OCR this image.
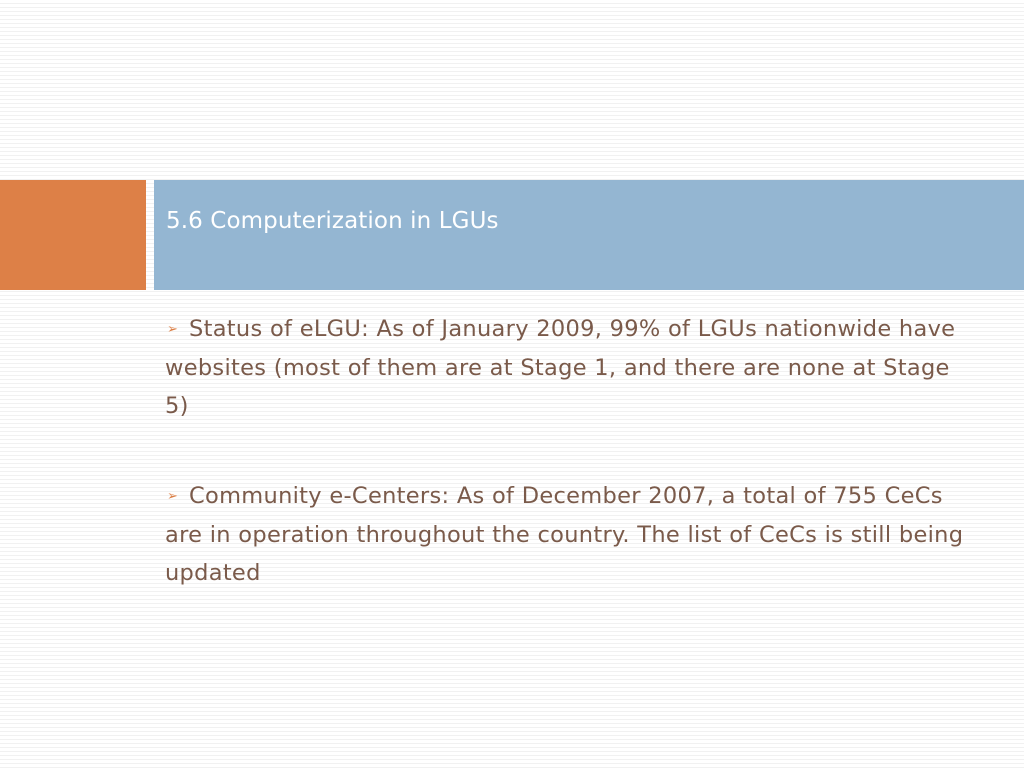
5.6 Computerization in LGUs

➢ Status of eLGU: As of January 2009, 99% of LGUs nationwide have websites (most of them are at Stage 1, and there are none at Stage 5)

➢ Community e-Centers: As of December 2007, a total of 755 CeCs are in operation throughout the country. The list of CeCs is still being updated
